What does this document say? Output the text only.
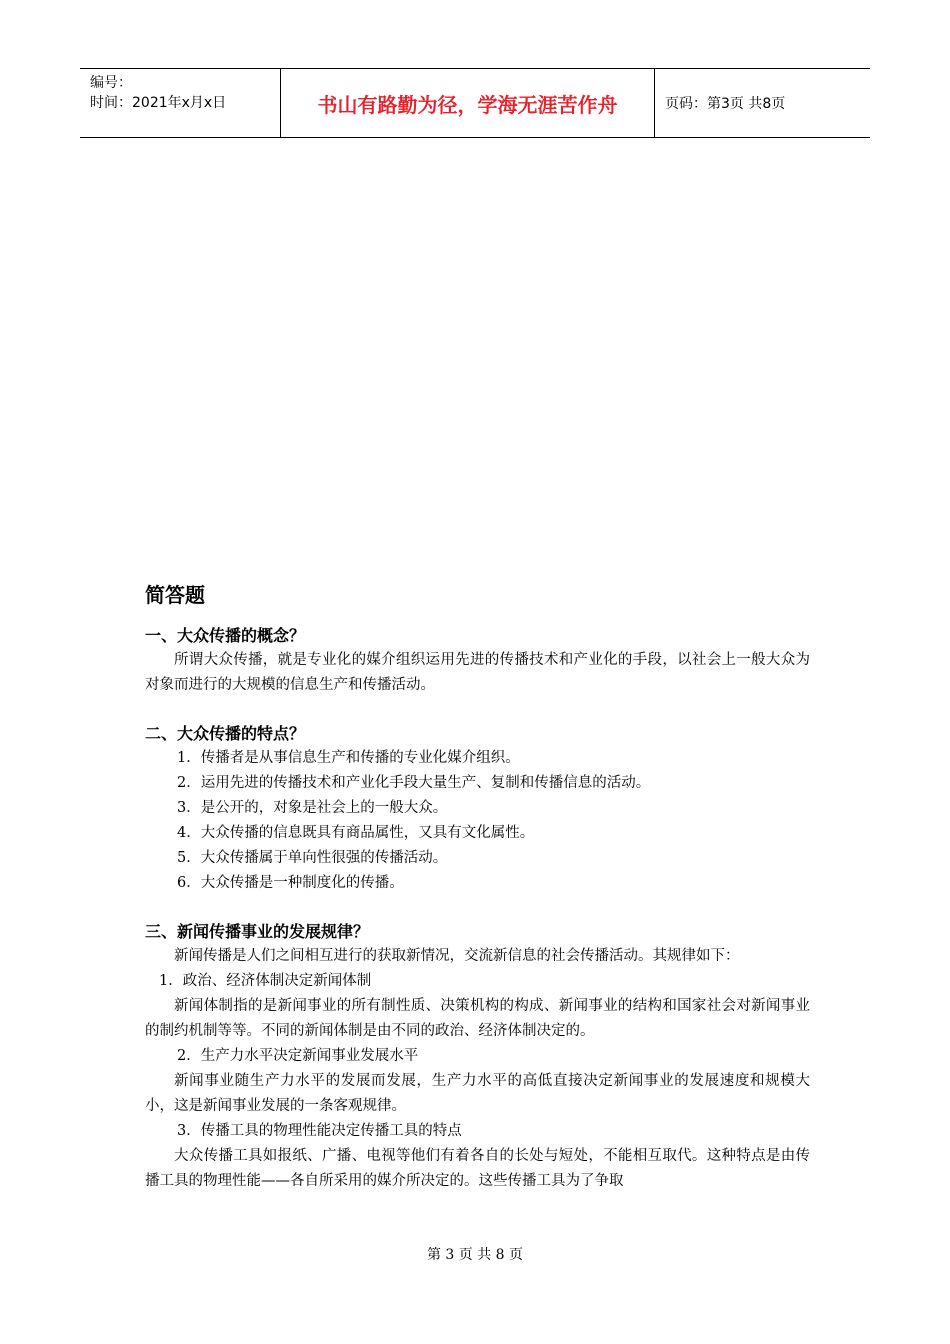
编号：
时间：2021年x月x日	书山有路勤为径，学海无涯苦作舟	页码：第3页 共8页
简答题
一、大众传播的概念？

所谓大众传播，就是专业化的媒介组织运用先进的传播技术和产业化的手段，以社会上一般大众为对象而进行的大规模的信息生产和传播活动。

二、大众传播的特点？

1．传播者是从事信息生产和传播的专业化媒介组织。

2．运用先进的传播技术和产业化手段大量生产、复制和传播信息的活动。

3．是公开的，对象是社会上的一般大众。

4．大众传播的信息既具有商品属性，又具有文化属性。

5．大众传播属于单向性很强的传播活动。

6．大众传播是一种制度化的传播。

三、新闻传播事业的发展规律？

新闻传播是人们之间相互进行的获取新情况，交流新信息的社会传播活动。其规律如下：

1．政治、经济体制决定新闻体制

新闻体制指的是新闻事业的所有制性质、决策机构的构成、新闻事业的结构和国家社会对新闻事业的制约机制等等。不同的新闻体制是由不同的政治、经济体制决定的。

2．生产力水平决定新闻事业发展水平

新闻事业随生产力水平的发展而发展，生产力水平的高低直接决定新闻事业的发展速度和规模大小，这是新闻事业发展的一条客观规律。

3．传播工具的物理性能决定传播工具的特点

大众传播工具如报纸、广播、电视等他们有着各自的长处与短处，不能相互取代。这种特点是由传播工具的物理性能——各自所采用的媒介所决定的。这些传播工具为了争取

第 3 页 共 8 页
